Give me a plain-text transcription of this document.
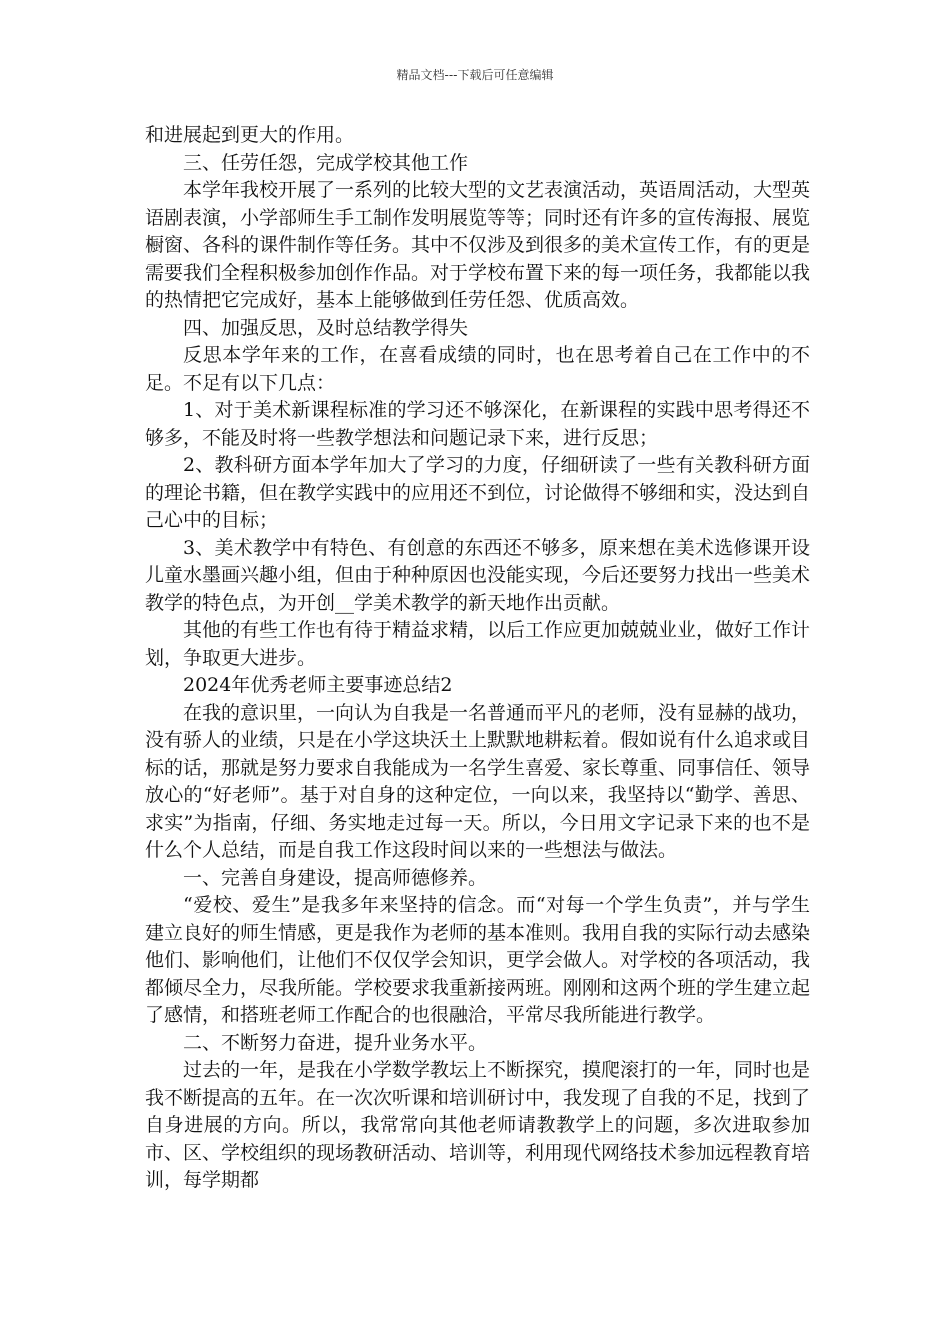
精品文档---下载后可任意编辑

和进展起到更大的作用。

三、任劳任怨，完成学校其他工作

本学年我校开展了一系列的比较大型的文艺表演活动，英语周活动，大型英语剧表演，小学部师生手工制作发明展览等等；同时还有许多的宣传海报、展览橱窗、各科的课件制作等任务。其中不仅涉及到很多的美术宣传工作，有的更是需要我们全程积极参加创作作品。对于学校布置下来的每一项任务，我都能以我的热情把它完成好，基本上能够做到任劳任怨、优质高效。

四、加强反思，及时总结教学得失

反思本学年来的工作，在喜看成绩的同时，也在思考着自己在工作中的不足。不足有以下几点：

1、对于美术新课程标准的学习还不够深化，在新课程的实践中思考得还不够多，不能及时将一些教学想法和问题记录下来，进行反思；

2、教科研方面本学年加大了学习的力度，仔细研读了一些有关教科研方面的理论书籍，但在教学实践中的应用还不到位，讨论做得不够细和实，没达到自己心中的目标；

3、美术教学中有特色、有创意的东西还不够多，原来想在美术选修课开设儿童水墨画兴趣小组，但由于种种原因也没能实现，今后还要努力找出一些美术教学的特色点，为开创__学美术教学的新天地作出贡献。

其他的有些工作也有待于精益求精，以后工作应更加兢兢业业，做好工作计划，争取更大进步。

2024年优秀老师主要事迹总结2

在我的意识里，一向认为自我是一名普通而平凡的老师，没有显赫的战功，没有骄人的业绩，只是在小学这块沃土上默默地耕耘着。假如说有什么追求或目标的话，那就是努力要求自我能成为一名学生喜爱、家长尊重、同事信任、领导放心的“好老师”。基于对自身的这种定位，一向以来，我坚持以“勤学、善思、求实”为指南，仔细、务实地走过每一天。所以，今日用文字记录下来的也不是什么个人总结，而是自我工作这段时间以来的一些想法与做法。

一、完善自身建设，提高师德修养。

“爱校、爱生”是我多年来坚持的信念。而“对每一个学生负责”，并与学生建立良好的师生情感，更是我作为老师的基本准则。我用自我的实际行动去感染他们、影响他们，让他们不仅仅学会知识，更学会做人。对学校的各项活动，我都倾尽全力，尽我所能。学校要求我重新接两班。刚刚和这两个班的学生建立起了感情，和搭班老师工作配合的也很融洽，平常尽我所能进行教学。

二、不断努力奋进，提升业务水平。

过去的一年，是我在小学数学教坛上不断探究，摸爬滚打的一年，同时也是我不断提高的五年。在一次次听课和培训研讨中，我发现了自我的不足，找到了自身进展的方向。所以，我常常向其他老师请教教学上的问题，多次进取参加市、区、学校组织的现场教研活动、培训等，利用现代网络技术参加远程教育培训，每学期都
